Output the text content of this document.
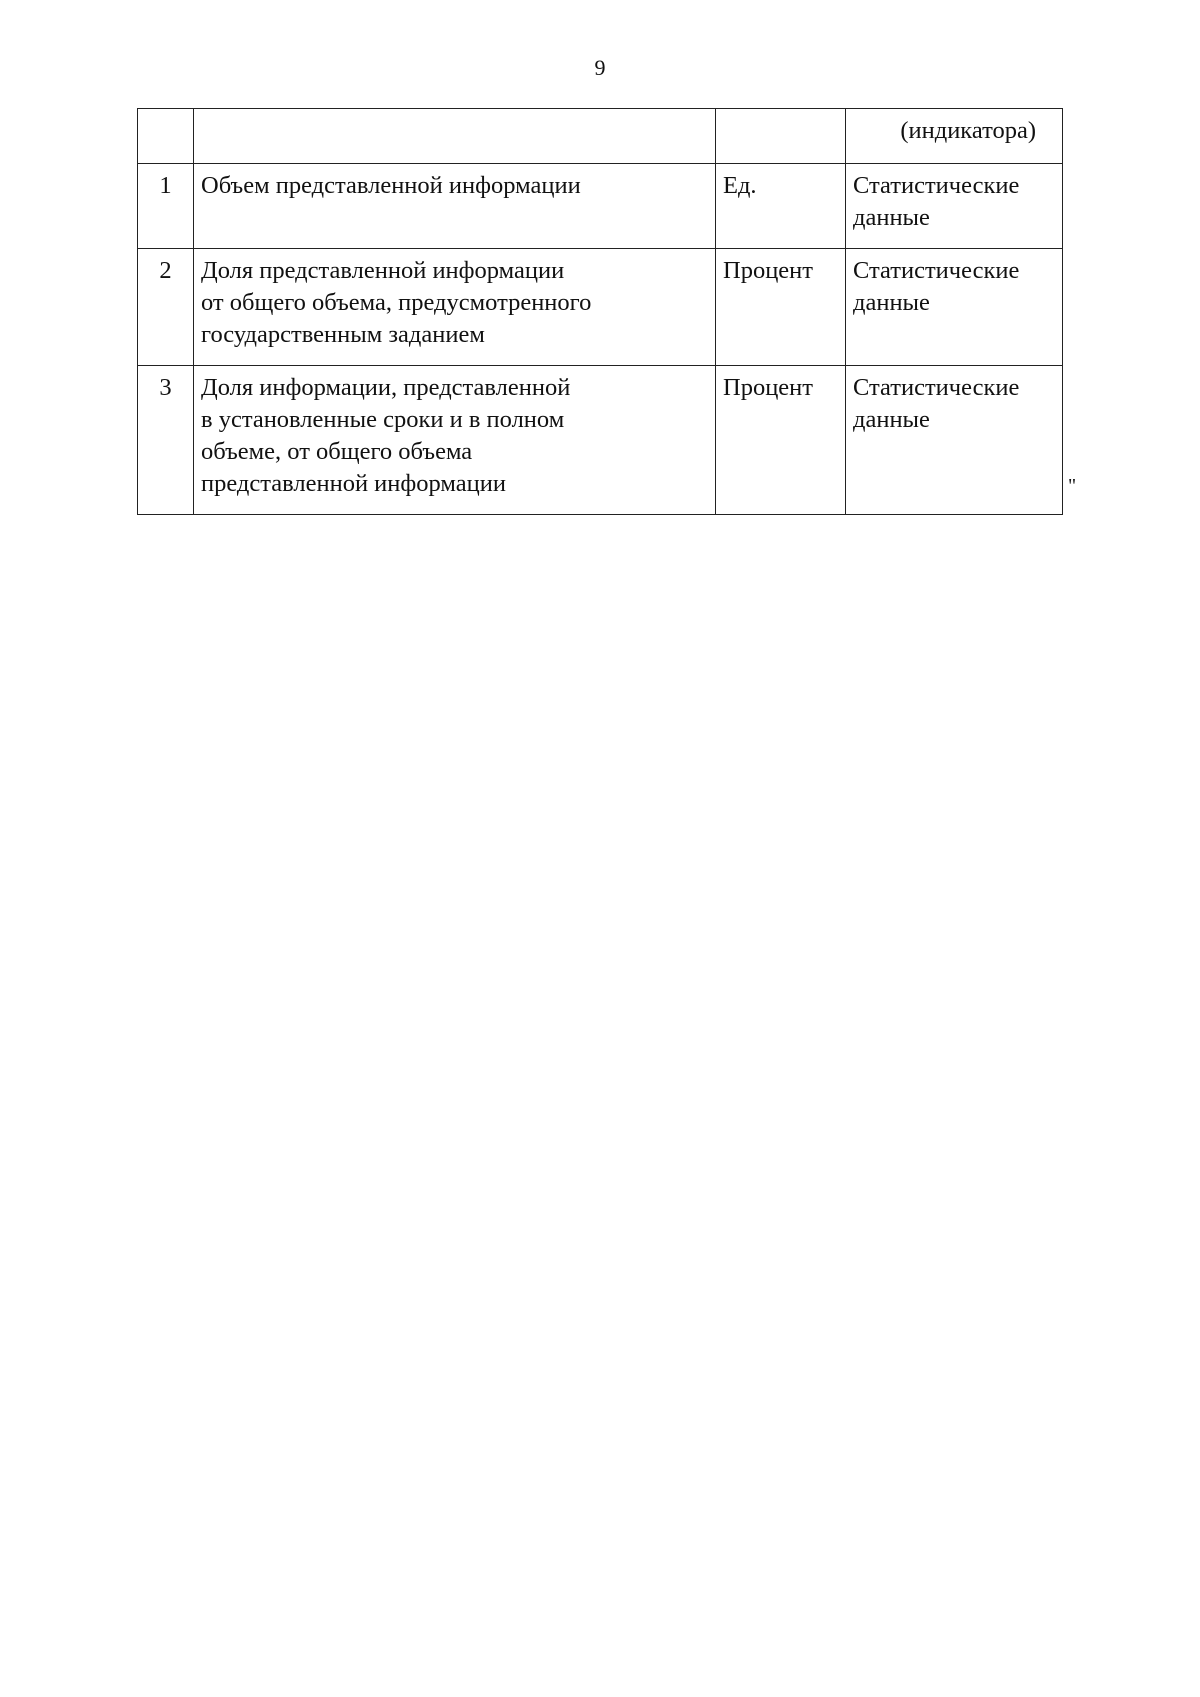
9
			(индикатора)
1	Объем представленной информации	Ед.	Статистические
данные

2	Доля представленной информации
от общего объема, предусмотренного
государственным заданием	Процент	Статистические
данные

3	Доля информации, представленной
в установленные сроки и в полном
объеме, от общего объема
представленной информации	Процент	Статистические
данные
"
